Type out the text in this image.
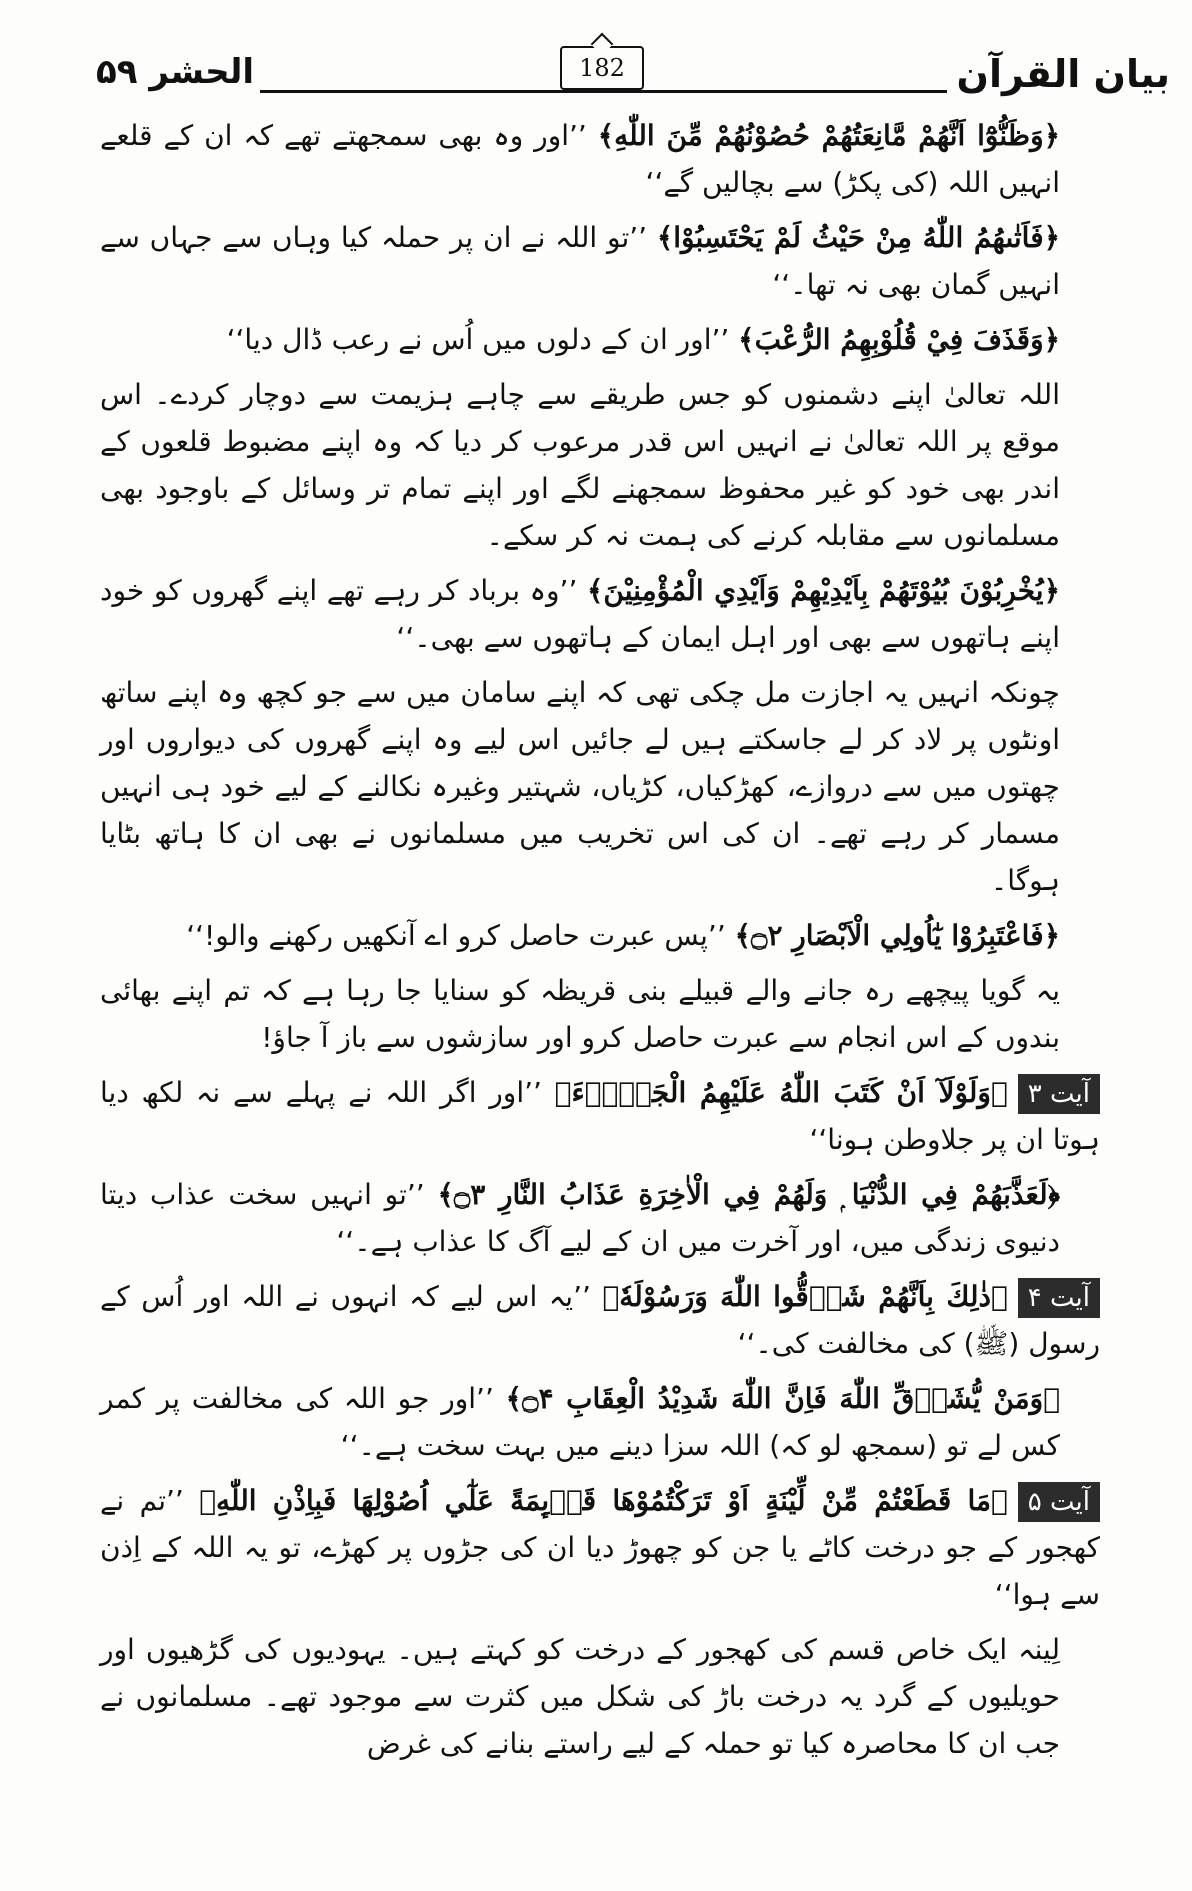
بیان القرآن
182
الحشر ۵۹

﴿وَظَنُّوْٓا اَنَّهُمْ مَّانِعَتُهُمْ حُصُوْنُهُمْ مِّنَ اللّٰهِ﴾ ’’اور وہ بھی سمجھتے تھے کہ ان کے قلعے انہیں اللہ (کی پکڑ) سے بچالیں گے‘‘

﴿فَاَتٰىهُمُ اللّٰهُ مِنْ حَيْثُ لَمْ يَحْتَسِبُوْا﴾ ’’تو اللہ نے ان پر حملہ کیا وہاں سے جہاں سے انہیں گمان بھی نہ تھا۔‘‘

﴿وَقَذَفَ فِيْ قُلُوْبِهِمُ الرُّعْبَ﴾ ’’اور ان کے دلوں میں اُس نے رعب ڈال دیا‘‘

اللہ تعالیٰ اپنے دشمنوں کو جس طریقے سے چاہے ہزیمت سے دوچار کردے۔ اس موقع پر اللہ تعالیٰ نے انہیں اس قدر مرعوب کر دیا کہ وہ اپنے مضبوط قلعوں کے اندر بھی خود کو غیر محفوظ سمجھنے لگے اور اپنے تمام تر وسائل کے باوجود بھی مسلمانوں سے مقابلہ کرنے کی ہمت نہ کر سکے۔

﴿يُخْرِبُوْنَ بُيُوْتَهُمْ بِاَيْدِيْهِمْ وَاَيْدِي الْمُؤْمِنِيْنَ﴾ ’’وہ برباد کر رہے تھے اپنے گھروں کو خود اپنے ہاتھوں سے بھی اور اہل ایمان کے ہاتھوں سے بھی۔‘‘

چونکہ انہیں یہ اجازت مل چکی تھی کہ اپنے سامان میں سے جو کچھ وہ اپنے ساتھ اونٹوں پر لاد کر لے جاسکتے ہیں لے جائیں اس لیے وہ اپنے گھروں کی دیواروں اور چھتوں میں سے دروازے، کھڑکیاں، کڑیاں، شہتیر وغیرہ نکالنے کے لیے خود ہی انہیں مسمار کر رہے تھے۔ ان کی اس تخریب میں مسلمانوں نے بھی ان کا ہاتھ بٹایا ہوگا۔

﴿فَاعْتَبِرُوْا يٰٓاُولِي الْاَبْصَارِ ۝۲﴾ ’’پس عبرت حاصل کرو اے آنکھیں رکھنے والو!‘‘

یہ گویا پیچھے رہ جانے والے قبیلے بنی قریظہ کو سنایا جا رہا ہے کہ تم اپنے بھائی بندوں کے اس انجام سے عبرت حاصل کرو اور سازشوں سے باز آ جاؤ!

آیت ۳﴿وَلَوْلَآ اَنْ كَتَبَ اللّٰهُ عَلَيْهِمُ الْجَلَاۗءَ﴾ ’’اور اگر اللہ نے پہلے سے نہ لکھ دیا ہوتا ان پر جلاوطن ہونا‘‘

﴿لَعَذَّبَهُمْ فِي الدُّنْيَا ۭ وَلَهُمْ فِي الْاٰخِرَةِ عَذَابُ النَّارِ ۝۳﴾ ’’تو انہیں سخت عذاب دیتا دنیوی زندگی میں، اور آخرت میں ان کے لیے آگ کا عذاب ہے۔‘‘

آیت ۴﴿ذٰلِكَ بِاَنَّهُمْ شَاۗقُّوا اللّٰهَ وَرَسُوْلَهٗ﴾ ’’یہ اس لیے کہ انہوں نے اللہ اور اُس کے رسول (ﷺ) کی مخالفت کی۔‘‘

﴿وَمَنْ يُّشَاۗقِّ اللّٰهَ فَاِنَّ اللّٰهَ شَدِيْدُ الْعِقَابِ ۝۴﴾ ’’اور جو اللہ کی مخالفت پر کمر کس لے تو (سمجھ لو کہ) اللہ سزا دینے میں بہت سخت ہے۔‘‘

آیت ۵﴿مَا قَطَعْتُمْ مِّنْ لِّيْنَةٍ اَوْ تَرَكْتُمُوْهَا قَاۗىِٕمَةً عَلٰٓي اُصُوْلِهَا فَبِاِذْنِ اللّٰهِ﴾ ’’تم نے کھجور کے جو درخت کاٹے یا جن کو چھوڑ دیا ان کی جڑوں پر کھڑے، تو یہ اللہ کے اِذن سے ہوا‘‘

لِینہ ایک خاص قسم کی کھجور کے درخت کو کہتے ہیں۔ یہودیوں کی گڑھیوں اور حویلیوں کے گرد یہ درخت باڑ کی شکل میں کثرت سے موجود تھے۔ مسلمانوں نے جب ان کا محاصرہ کیا تو حملہ کے لیے راستے بنانے کی غرض
